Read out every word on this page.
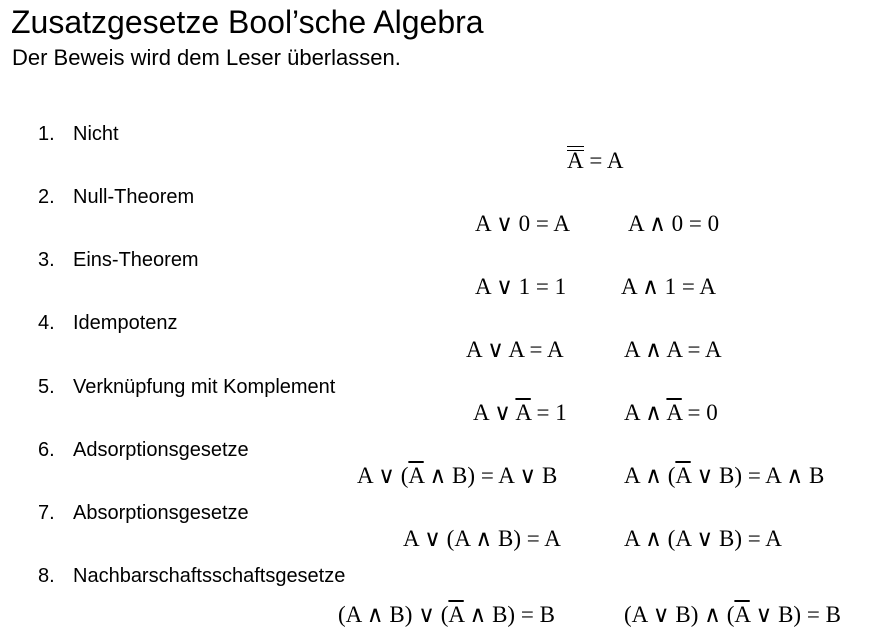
Zusatzgesetze Bool’sche Algebra

Der Beweis wird dem Leser überlassen.

1. Nicht
2. Null-Theorem
3. Eins-Theorem
4. Idempotenz
5. Verknüpfung mit Komplement
6. Adsorptionsgesetze
7. Absorptionsgesetze
8. Nachbarschaftsschaftsgesetze
A = A
A ∨ 0 = A	A ∧ 0 = 0
A ∨ 1 = 1 A ∧ 1 = A
A ∨ A = A	A ∧ A = A
A ∨ $\overline{A} = 1$ A ∧ $\overline{A} = 0$
A ∨ ($\overline{A}$ ∧ B) = A ∨ B	A ∧ ($\overline{A}$ ∨ B) = A ∧ B
A ∨ (A ∧ B) = A	A ∧ (A ∨ B) = A
(A ∧ B) ∨ ($\overline{A}$ ∧ B) = B	(A ∨ B) ∧ ($\overline{A}$ ∨ B) = B
